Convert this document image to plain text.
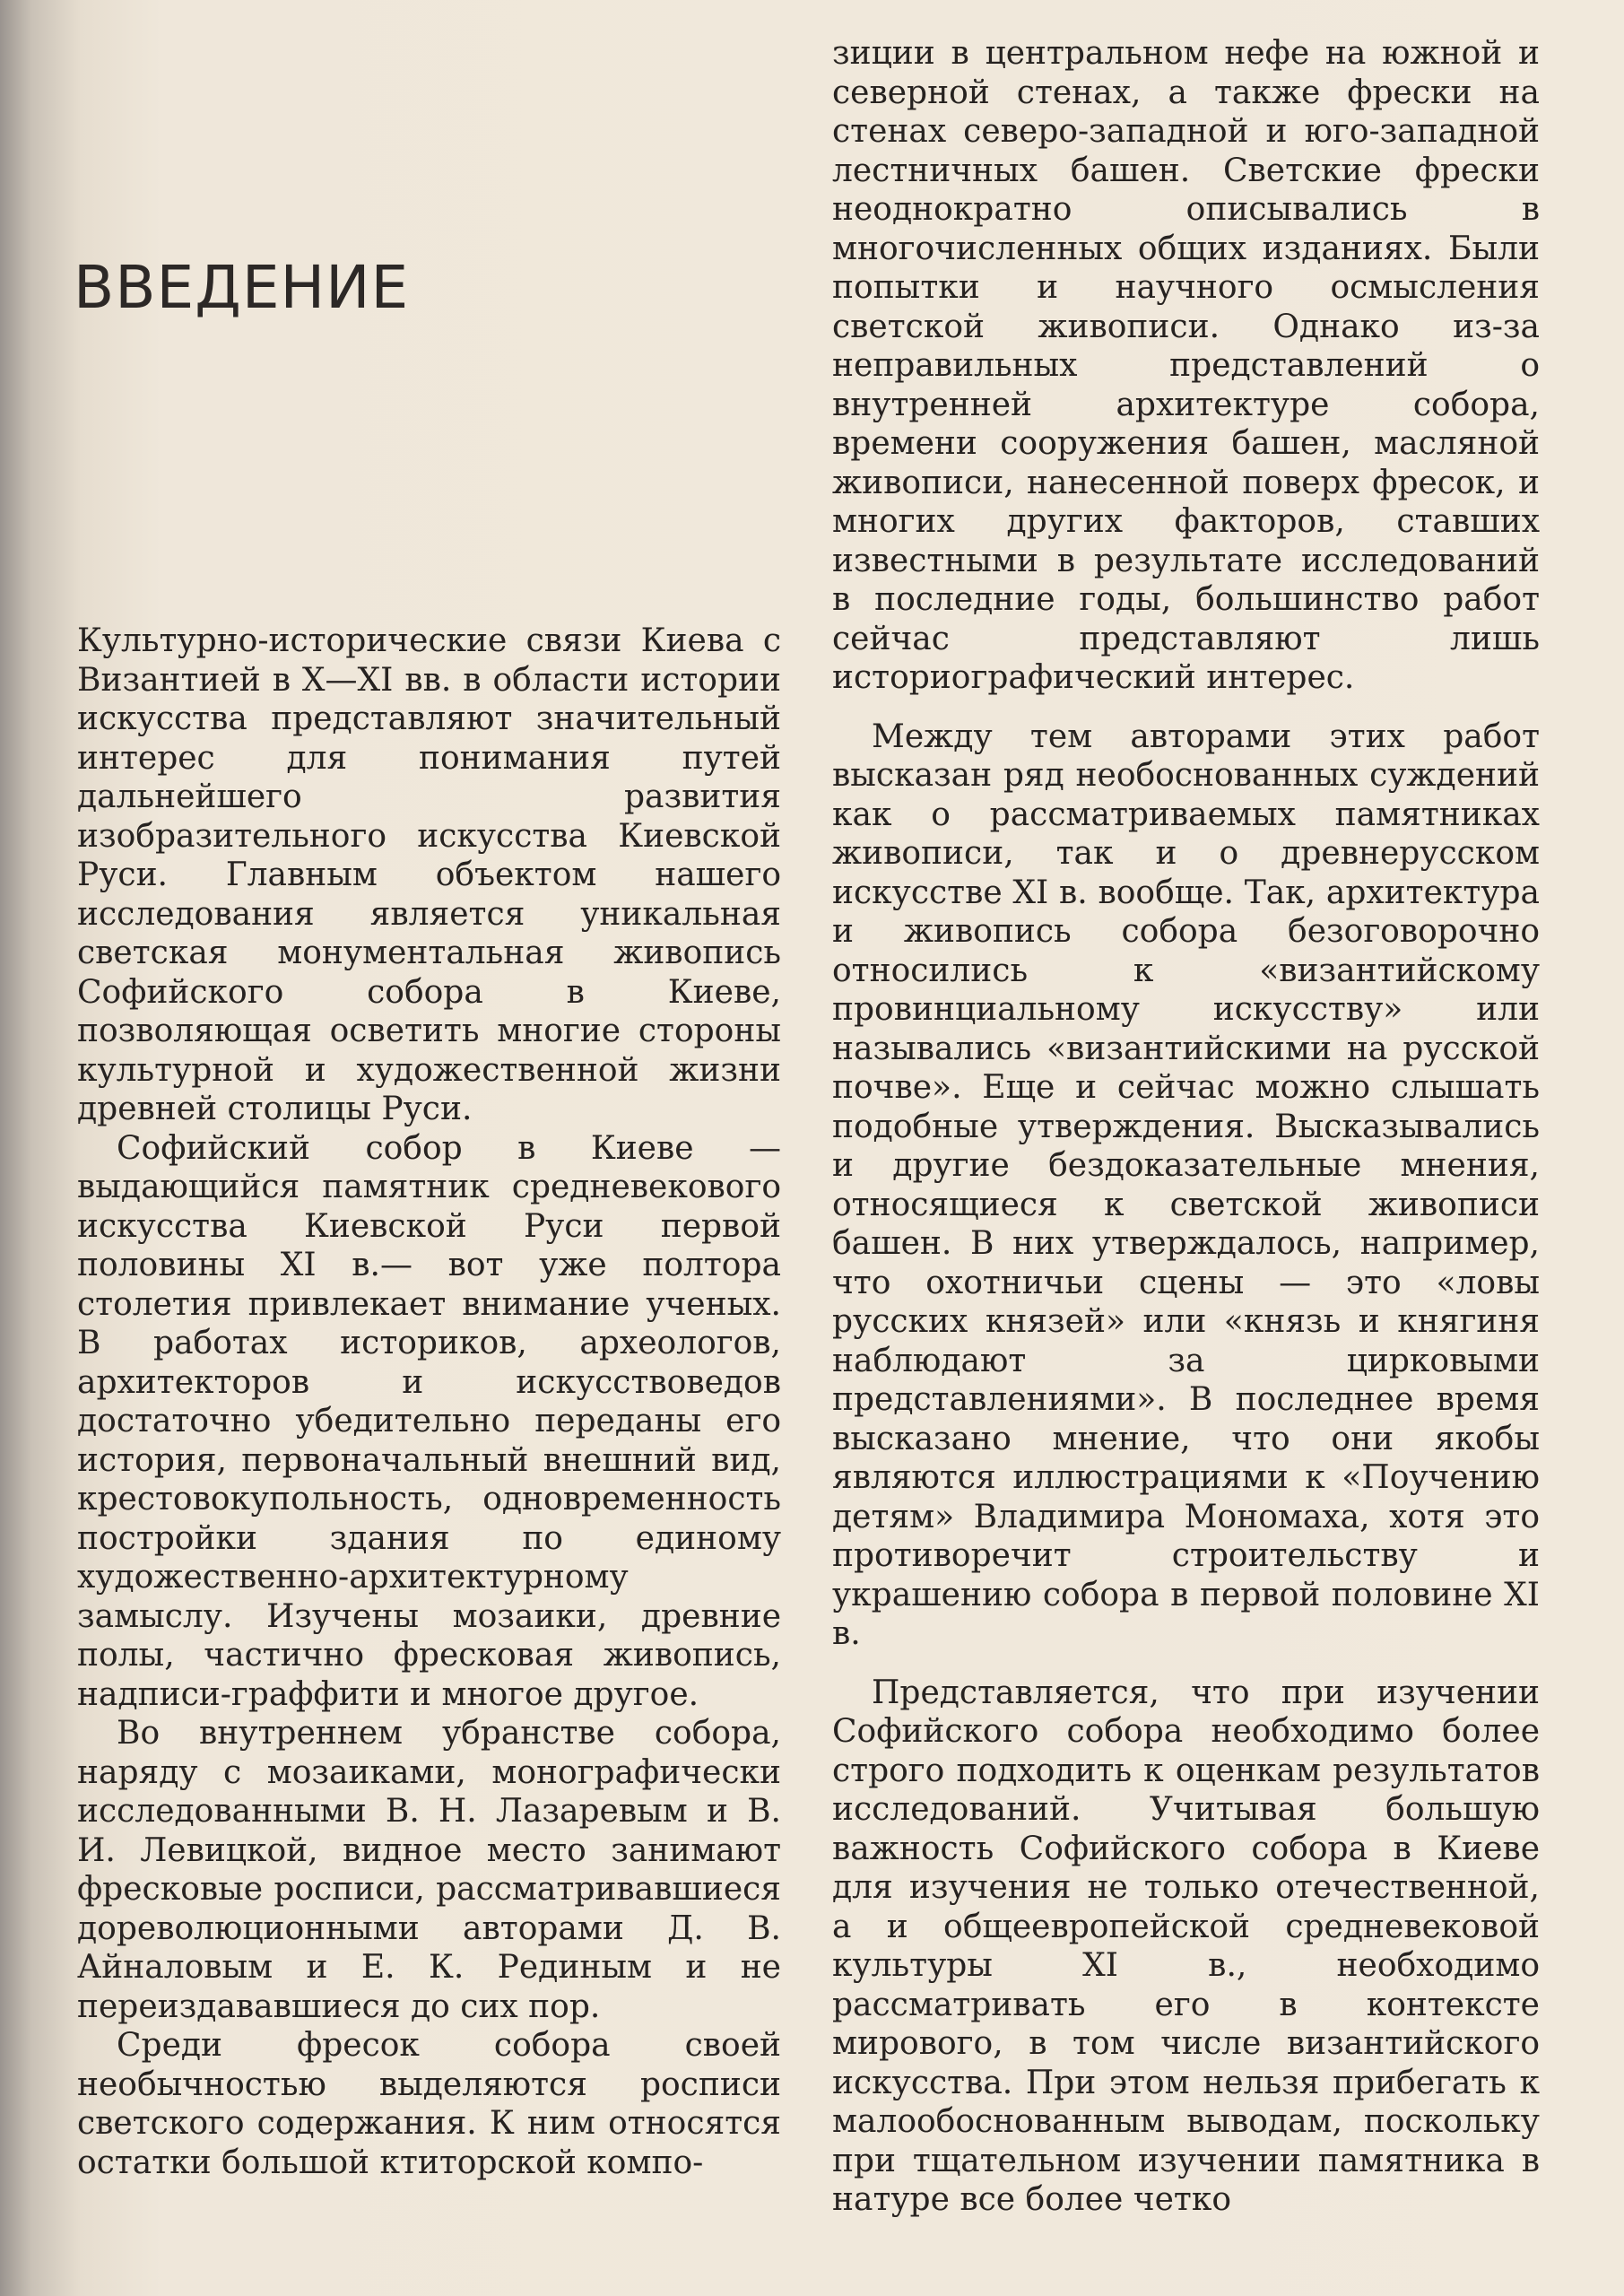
ВВЕДЕНИЕ

Культурно-исторические связи Киева с Византией в X—XI вв. в области истории искусства представляют значительный интерес для понимания путей дальнейшего развития изобразительного искусства Киевской Руси. Главным объектом нашего исследования является уникальная светская монументальная живопись Софийского собора в Киеве, позволяющая осветить многие стороны культурной и художественной жизни древней столицы Руси.

Софийский собор в Киеве — выдающийся памятник средневекового искусства Киевской Руси первой половины XI в.— вот уже полтора столетия привлекает внимание ученых. В работах историков, археологов, архитекторов и искусствоведов достаточно убедительно переданы его история, первоначальный внешний вид, крестовокупольность, одновременность постройки здания по единому художественно-архитектурному замыслу. Изучены мозаики, древние полы, частично фресковая живопись, надписи-граффити и многое другое.

Во внутреннем убранстве собора, наряду с мозаиками, монографически исследованными В. Н. Лазаревым и В. И. Левицкой, видное место занимают фресковые росписи, рассматривавшиеся дореволюционными авторами Д. В. Айналовым и Е. К. Рединым и не переиздававшиеся до сих пор.

Среди фресок собора своей необычностью выделяются росписи светского содержания. К ним относятся остатки большой ктиторской компо-

зиции в центральном нефе на южной и северной стенах, а также фрески на стенах северо-западной и юго-западной лестничных башен. Светские фрески неоднократно описывались в многочисленных общих изданиях. Были попытки и научного осмысления светской живописи. Однако из-за неправильных представлений о внутренней архитектуре собора, времени сооружения башен, масляной живописи, нанесенной поверх фресок, и многих других факторов, ставших известными в результате исследований в последние годы, большинство работ сейчас представляют лишь историографический интерес.

Между тем авторами этих работ высказан ряд необоснованных суждений как о рассматриваемых памятниках живописи, так и о древнерусском искусстве XI в. вообще. Так, архитектура и живопись собора безоговорочно относились к «византийскому провинциальному искусству» или назывались «византийскими на русской почве». Еще и сейчас можно слышать подобные утверждения. Высказывались и другие бездоказательные мнения, относящиеся к светской живописи башен. В них утверждалось, например, что охотничьи сцены — это «ловы русских князей» или «князь и княгиня наблюдают за цирковыми представлениями». В последнее время высказано мнение, что они якобы являются иллюстрациями к «Поучению детям» Владимира Мономаха, хотя это противоречит строительству и украшению собора в первой половине XI в.

Представляется, что при изучении Софийского собора необходимо более строго подходить к оценкам результатов исследований. Учитывая большую важность Софийского собора в Киеве для изучения не только отечественной, а и общеевропейской средневековой культуры XI в., необходимо рассматривать его в контексте мирового, в том числе византийского искусства. При этом нельзя прибегать к малообоснованным выводам, поскольку при тщательном изучении памятника в натуре все более четко
